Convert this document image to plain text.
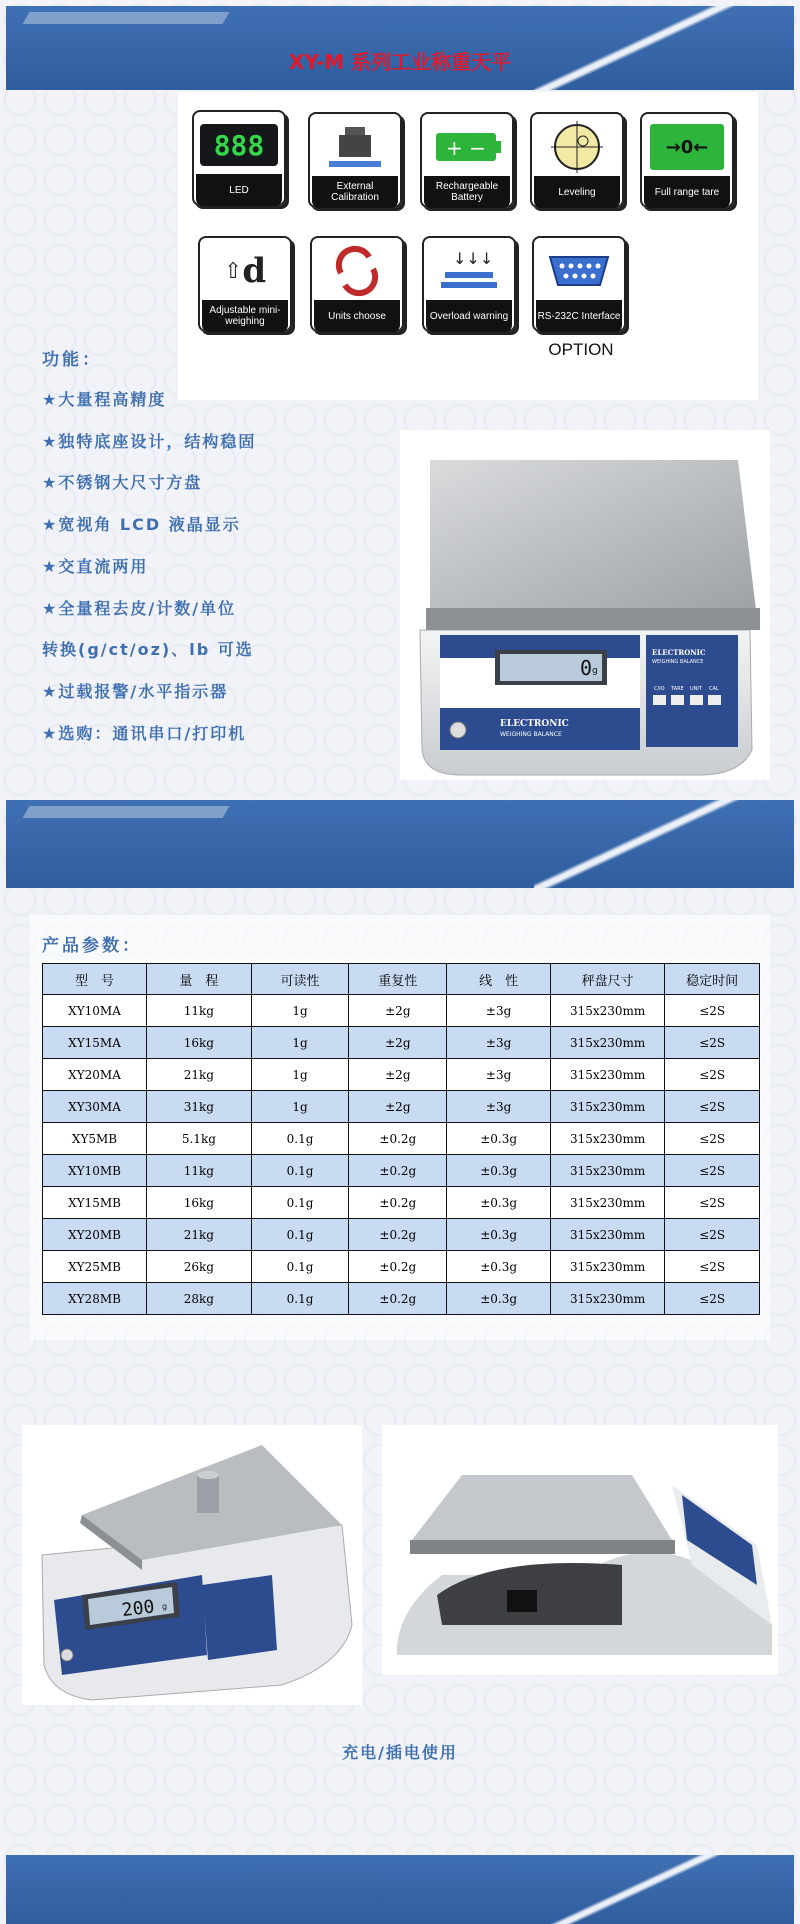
XY-M 系列工业称重天平
888
LED	External Calibration
+ −
Rechargeable Battery	Leveling
→0←
Full range tare
⇧ d
Adjustable mini-weighing	Units choose
↓↓↓
Overload warning	RS-232C Interface
OPTION
功能：
★大量程高精度
★独特底座设计，结构稳固
★不锈钢大尺寸方盘
★宽视角 LCD 液晶显示
★交直流两用
★全量程去皮/计数/单位
转换(g/ct/oz)、lb 可选
★过载报警/水平指示器
★选购：通讯串口/打印机
0 g
ELECTRONIC
WEIGHING BALANCE
ELECTRONIC
WEIGHING BALANCE
C/IO TARE UNIT CAL
产品参数：
型　号	量　程	可读性	重复性	线　性	秤盘尺寸	稳定时间
XY10MA	11kg	1g	±2g	±3g	315x230mm	≤2S
XY15MA	16kg	1g	±2g	±3g	315x230mm	≤2S
XY20MA	21kg	1g	±2g	±3g	315x230mm	≤2S
XY30MA	31kg	1g	±2g	±3g	315x230mm	≤2S
XY5MB	5.1kg	0.1g	±0.2g	±0.3g	315x230mm	≤2S
XY10MB	11kg	0.1g	±0.2g	±0.3g	315x230mm	≤2S
XY15MB	16kg	0.1g	±0.2g	±0.3g	315x230mm	≤2S
XY20MB	21kg	0.1g	±0.2g	±0.3g	315x230mm	≤2S
XY25MB	26kg	0.1g	±0.2g	±0.3g	315x230mm	≤2S
XY28MB	28kg	0.1g	±0.2g	±0.3g	315x230mm	≤2S
200 g
充电/插电使用
